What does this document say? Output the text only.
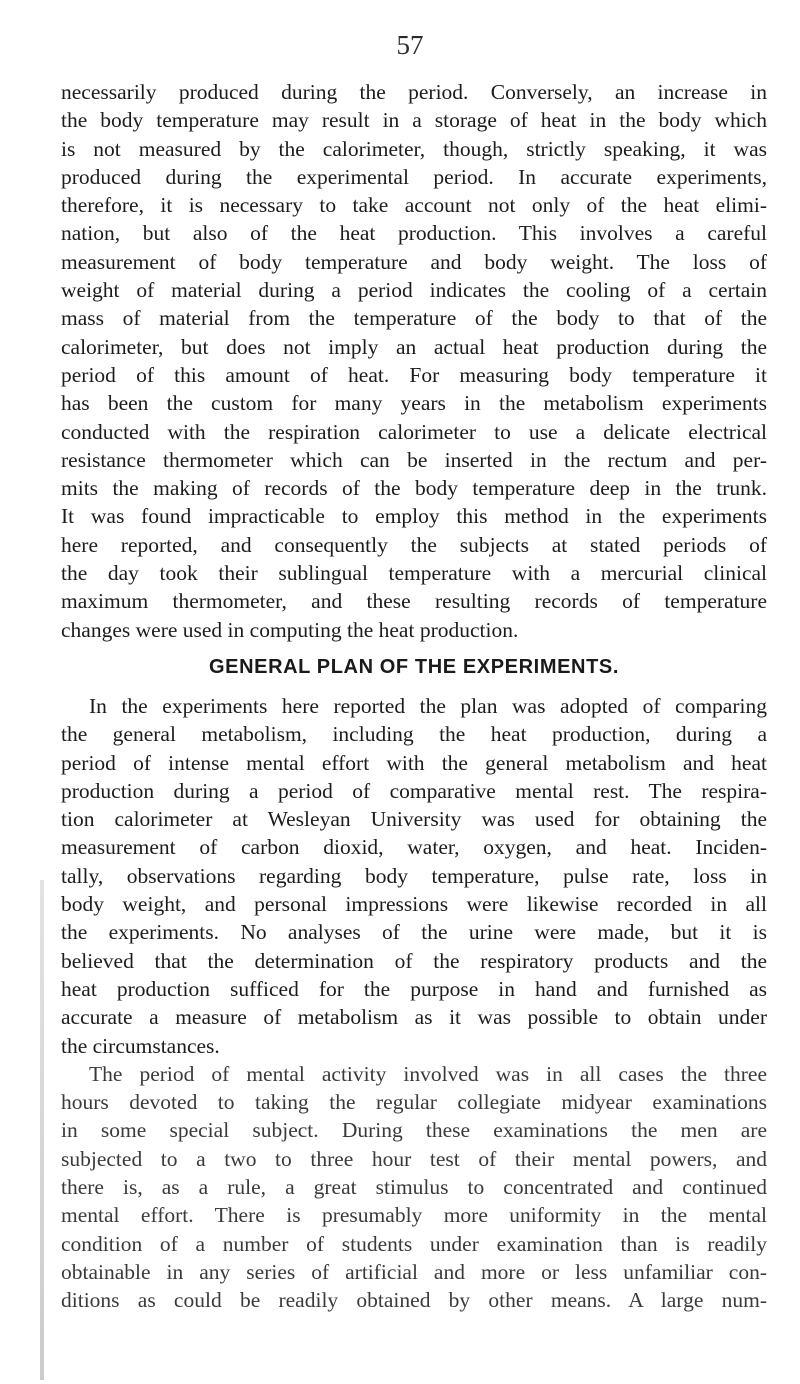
57
necessarily produced during the period. Conversely, an increase in
the body temperature may result in a storage of heat in the body which
is not measured by the calorimeter, though, strictly speaking, it was
produced during the experimental period. In accurate experiments,
therefore, it is necessary to take account not only of the heat elimi-
nation, but also of the heat production. This involves a careful
measurement of body temperature and body weight. The loss of
weight of material during a period indicates the cooling of a certain
mass of material from the temperature of the body to that of the
calorimeter, but does not imply an actual heat production during the
period of this amount of heat. For measuring body temperature it
has been the custom for many years in the metabolism experiments
conducted with the respiration calorimeter to use a delicate electrical
resistance thermometer which can be inserted in the rectum and per-
mits the making of records of the body temperature deep in the trunk.
It was found impracticable to employ this method in the experiments
here reported, and consequently the subjects at stated periods of
the day took their sublingual temperature with a mercurial clinical
maximum thermometer, and these resulting records of temperature
changes were used in computing the heat production.
GENERAL PLAN OF THE EXPERIMENTS.
In the experiments here reported the plan was adopted of comparing
the general metabolism, including the heat production, during a
period of intense mental effort with the general metabolism and heat
production during a period of comparative mental rest. The respira-
tion calorimeter at Wesleyan University was used for obtaining the
measurement of carbon dioxid, water, oxygen, and heat. Inciden-
tally, observations regarding body temperature, pulse rate, loss in
body weight, and personal impressions were likewise recorded in all
the experiments. No analyses of the urine were made, but it is
believed that the determination of the respiratory products and the
heat production sufficed for the purpose in hand and furnished as
accurate a measure of metabolism as it was possible to obtain under
the circumstances.
The period of mental activity involved was in all cases the three
hours devoted to taking the regular collegiate midyear examinations
in some special subject. During these examinations the men are
subjected to a two to three hour test of their mental powers, and
there is, as a rule, a great stimulus to concentrated and continued
mental effort. There is presumably more uniformity in the mental
condition of a number of students under examination than is readily
obtainable in any series of artificial and more or less unfamiliar con-
ditions as could be readily obtained by other means. A large num-
